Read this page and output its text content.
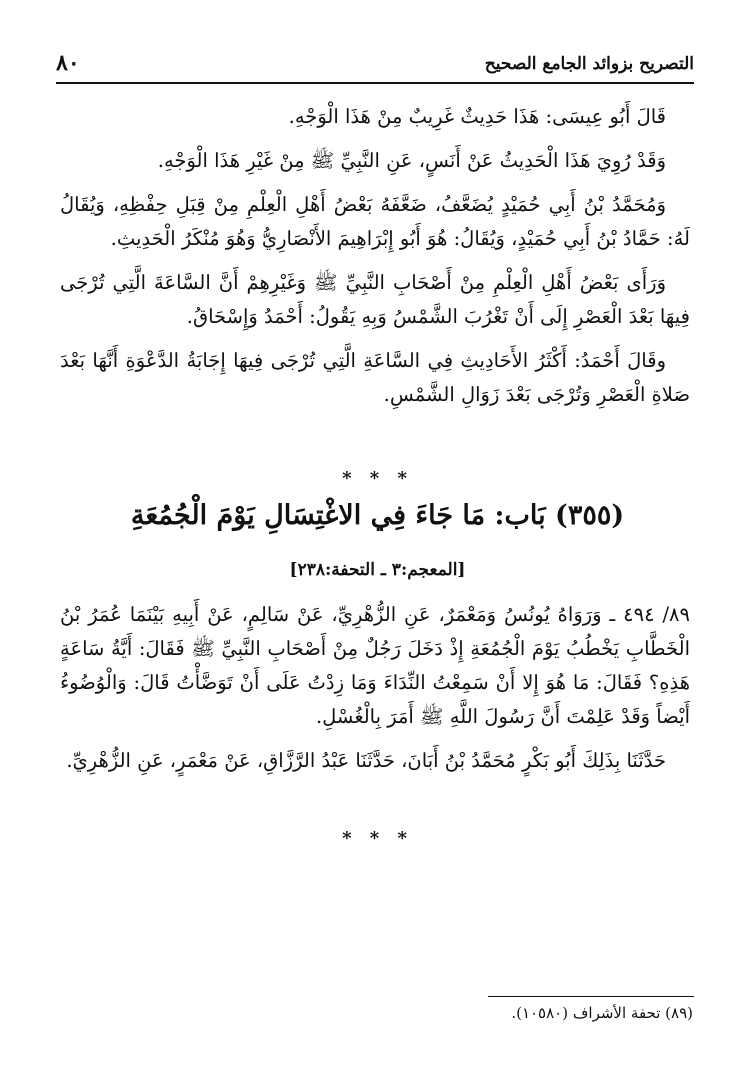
٨٠	التصريح بزوائد الجامع الصحيح

قَالَ أَبُو عِيسَى: هَذَا حَدِيثٌ غَرِيبٌ مِنْ هَذَا الْوَجْهِ.

وَقَدْ رُوِيَ هَذَا الْحَدِيثُ عَنْ أَنَسٍ، عَنِ النَّبِيِّ ﷺ مِنْ غَيْرِ هَذَا الْوَجْهِ.

وَمُحَمَّدُ بْنُ أَبِي حُمَيْدٍ يُضَعَّفُ، ضَعَّفَهُ بَعْضُ أَهْلِ الْعِلْمِ مِنْ قِبَلِ حِفْظِهِ، وَيُقَالُ لَهُ: حَمَّادُ بْنُ أَبِي حُمَيْدٍ، وَيُقَالُ: هُوَ أَبُو إِبْرَاهِيمَ الأَنْصَارِيُّ وَهُوَ مُنْكَرُ الْحَدِيثِ.

وَرَأَى بَعْضُ أَهْلِ الْعِلْمِ مِنْ أَصْحَابِ النَّبِيِّ ﷺ وَغَيْرِهِمْ أَنَّ السَّاعَةَ الَّتِي تُرْجَى فِيهَا بَعْدَ الْعَصْرِ إِلَى أَنْ تَغْرُبَ الشَّمْسُ وَبِهِ يَقُولُ: أَحْمَدُ وَإِسْحَاقُ.

وقَالَ أَحْمَدُ: أَكْثَرُ الأَحَادِيثِ فِي السَّاعَةِ الَّتِي تُرْجَى فِيهَا إِجَابَةُ الدَّعْوَةِ أَنَّهَا بَعْدَ صَلاةِ الْعَصْرِ وَتُرْجَى بَعْدَ زَوَالِ الشَّمْسِ.

* * *
(٣٥٥) بَاب: مَا جَاءَ فِي الاغْتِسَالِ يَوْمَ الْجُمُعَةِ
[المعجم:٣ ـ التحفة:٢٣٨]

٨٩/ ٤٩٤ ـ وَرَوَاهُ يُونُسُ وَمَعْمَرٌ، عَنِ الزُّهْرِيِّ، عَنْ سَالِمٍ، عَنْ أَبِيهِ بَيْنَمَا عُمَرُ بْنُ الْخَطَّابِ يَخْطُبُ يَوْمَ الْجُمُعَةِ إِذْ دَخَلَ رَجُلٌ مِنْ أَصْحَابِ النَّبِيِّ ﷺ فَقَالَ: أَيَّةُ سَاعَةٍ هَذِهِ؟ فَقَالَ: مَا هُوَ إِلا أَنْ سَمِعْتُ النِّدَاءَ وَمَا زِدْتُ عَلَى أَنْ تَوَضَّأْتُ قَالَ: وَالْوُضُوءُ أَيْضاً وَقَدْ عَلِمْتَ أَنَّ رَسُولَ اللَّهِ ﷺ أَمَرَ بِالْغُسْلِ.

حَدَّثَنَا بِذَلِكَ أَبُو بَكْرٍ مُحَمَّدُ بْنُ أَبَانَ، حَدَّثَنَا عَبْدُ الرَّزَّاقِ، عَنْ مَعْمَرٍ، عَنِ الزُّهْرِيِّ.

* * *
(٨٩) تحفة الأشراف (١٠٥٨٠).
